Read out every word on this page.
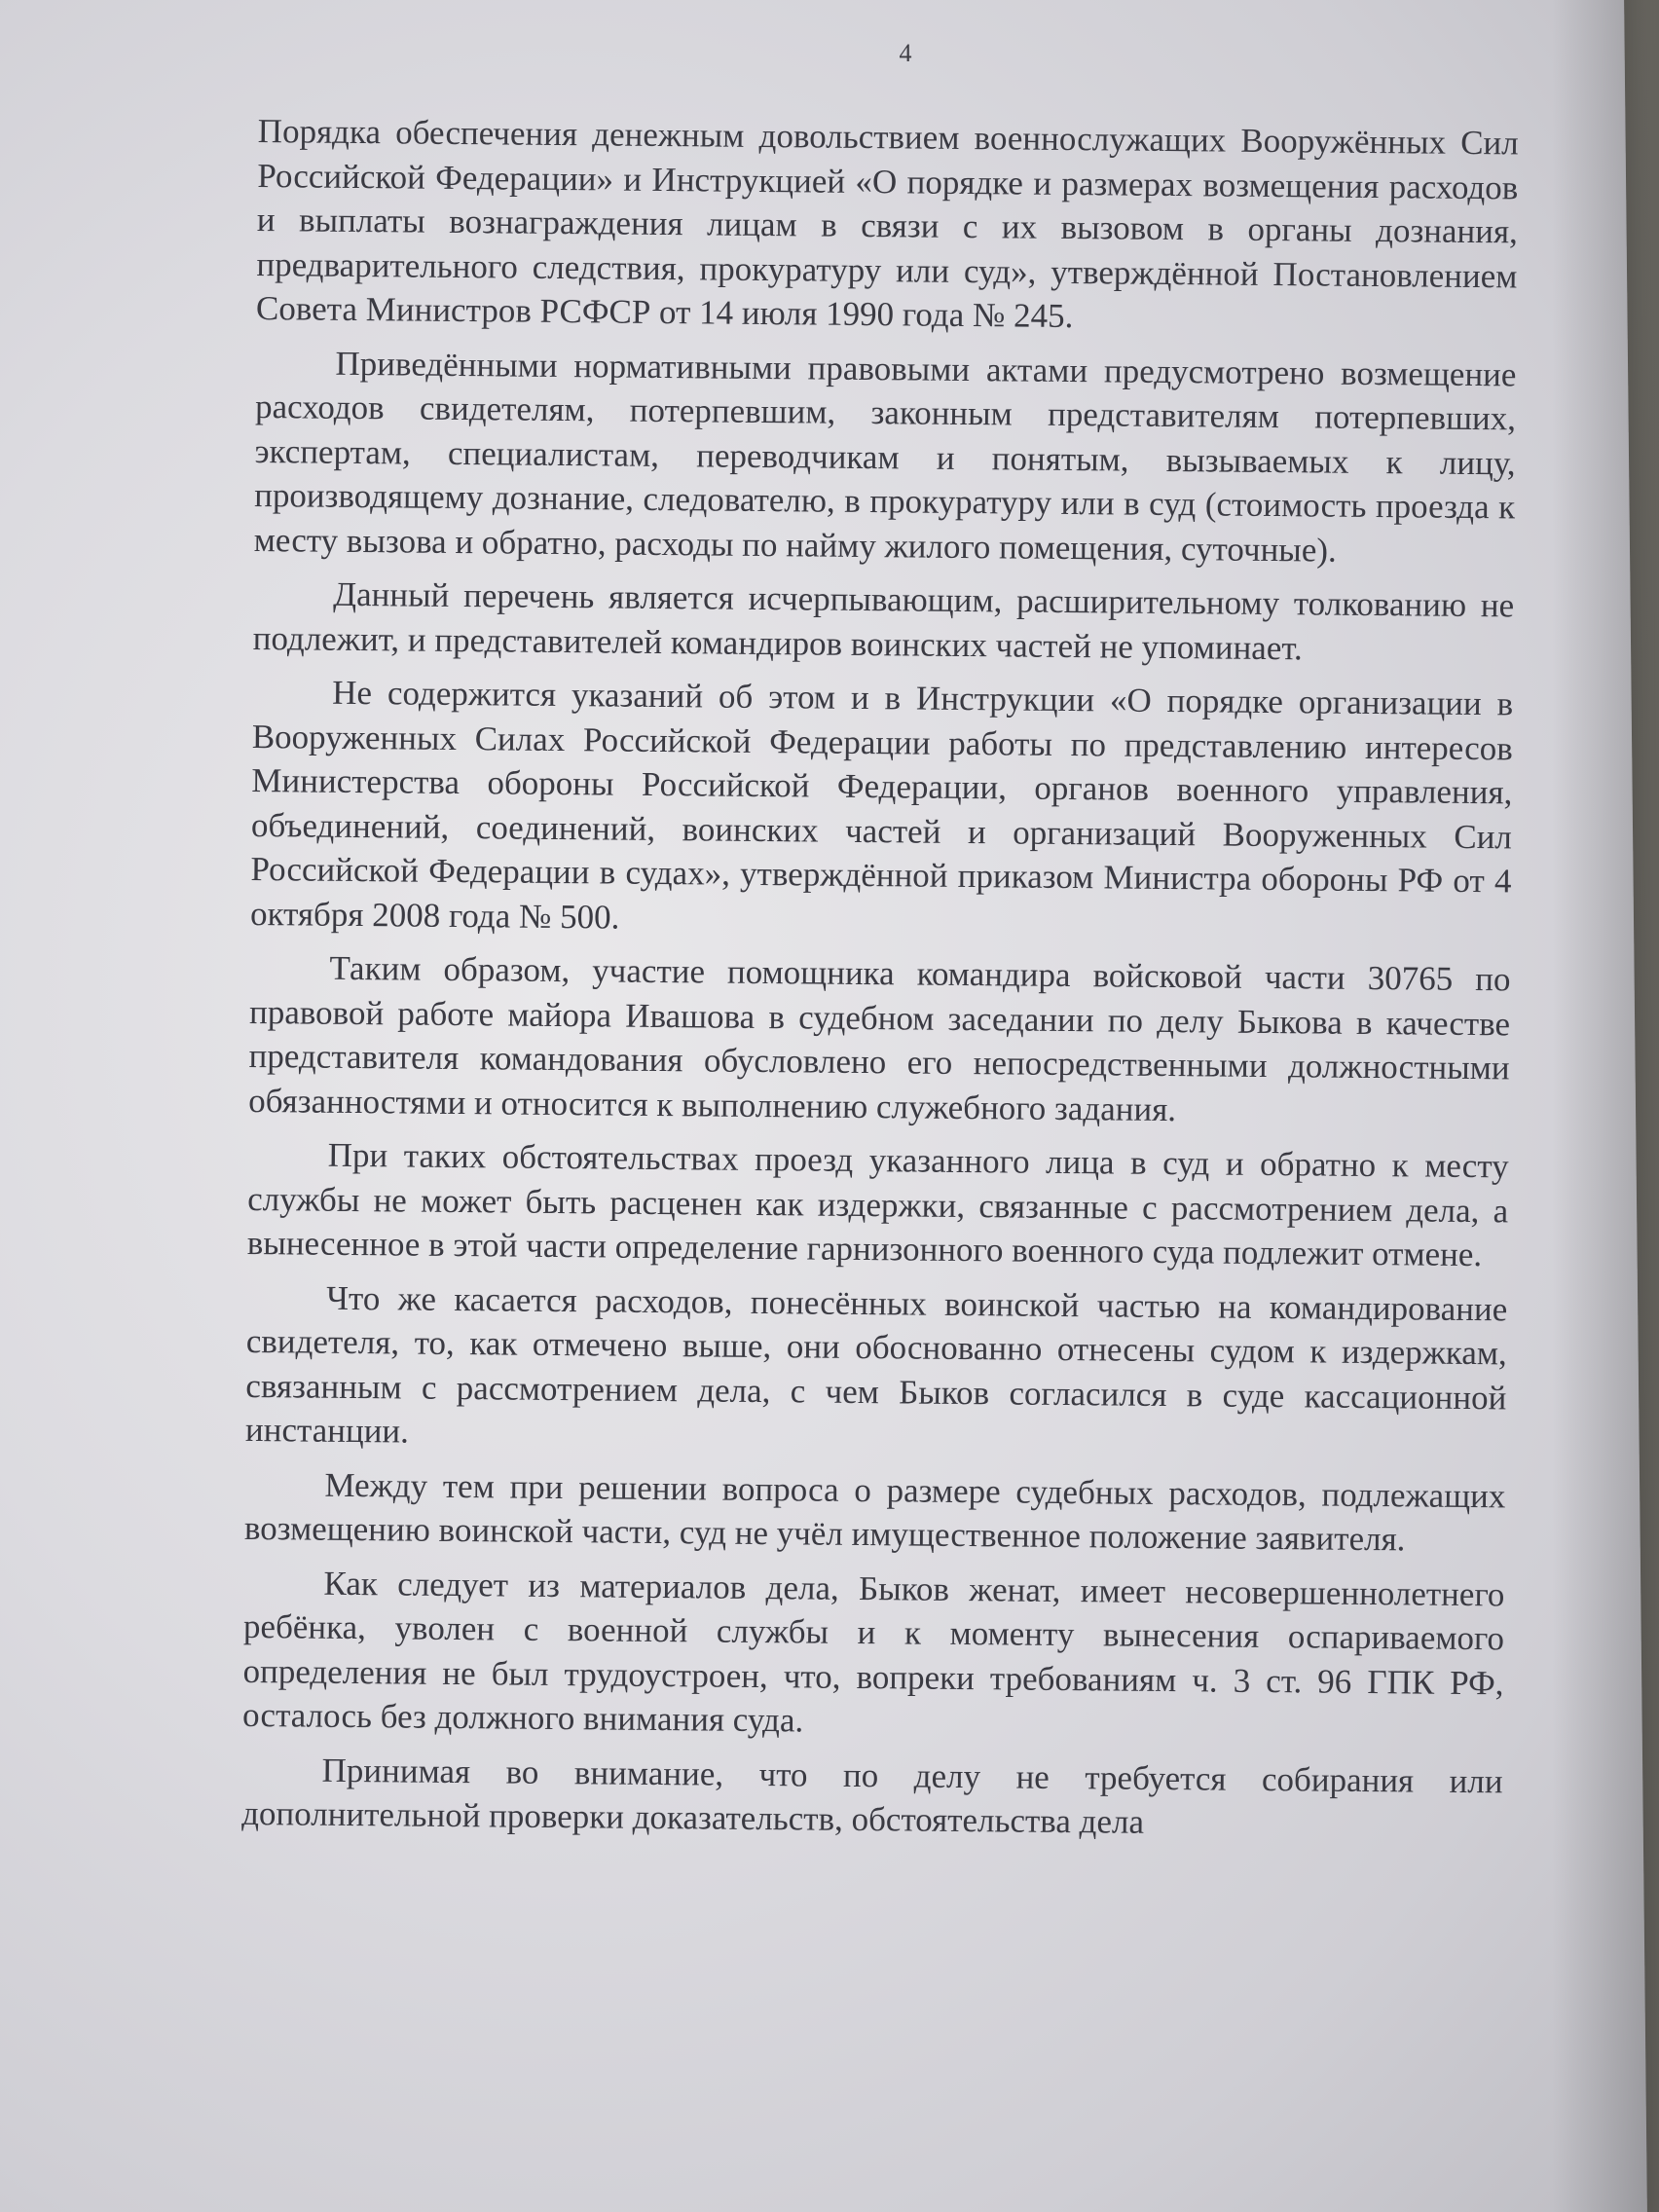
4

Порядка обеспечения денежным довольствием военнослужащих Вооружённых Сил Российской Федерации» и Инструкцией «О порядке и размерах возмещения расходов и выплаты вознаграждения лицам в связи с их вызовом в органы дознания, предварительного следствия, прокуратуру или суд», утверждённой Постановлением Совета Министров РСФСР от 14 июля 1990 года № 245.

Приведёнными нормативными правовыми актами предусмотрено возмещение расходов свидетелям, потерпевшим, законным представителям потерпевших, экспертам, специалистам, переводчикам и понятым, вызываемых к лицу, производящему дознание, следователю, в прокуратуру или в суд (стоимость проезда к месту вызова и обратно, расходы по найму жилого помещения, суточные).

Данный перечень является исчерпывающим, расширительному толкованию не подлежит, и представителей командиров воинских частей не упоминает.

Не содержится указаний об этом и в Инструкции «О порядке организации в Вооруженных Силах Российской Федерации работы по представлению интересов Министерства обороны Российской Федерации, органов военного управления, объединений, соединений, воинских частей и организаций Вооруженных Сил Российской Федерации в судах», утверждённой приказом Министра обороны РФ от 4 октября 2008 года № 500.

Таким образом, участие помощника командира войсковой части 30765 по правовой работе майора Ивашова в судебном заседании по делу Быкова в качестве представителя командования обусловлено его непосредственными должностными обязанностями и относится к выполнению служебного задания.

При таких обстоятельствах проезд указанного лица в суд и обратно к месту службы не может быть расценен как издержки, связанные с рассмотрением дела, а вынесенное в этой части определение гарнизонного военного суда подлежит отмене.

Что же касается расходов, понесённых воинской частью на командирование свидетеля, то, как отмечено выше, они обоснованно отнесены судом к издержкам, связанным с рассмотрением дела, с чем Быков согласился в суде кассационной инстанции.

Между тем при решении вопроса о размере судебных расходов, подлежащих возмещению воинской части, суд не учёл имущественное положение заявителя.

Как следует из материалов дела, Быков женат, имеет несовершеннолетнего ребёнка, уволен с военной службы и к моменту вынесения оспариваемого определения не был трудоустроен, что, вопреки требованиям ч. 3 ст. 96 ГПК РФ, осталось без должного внимания суда.

Принимая во внимание, что по делу не требуется собирания или дополнительной проверки доказательств, обстоятельства дела
